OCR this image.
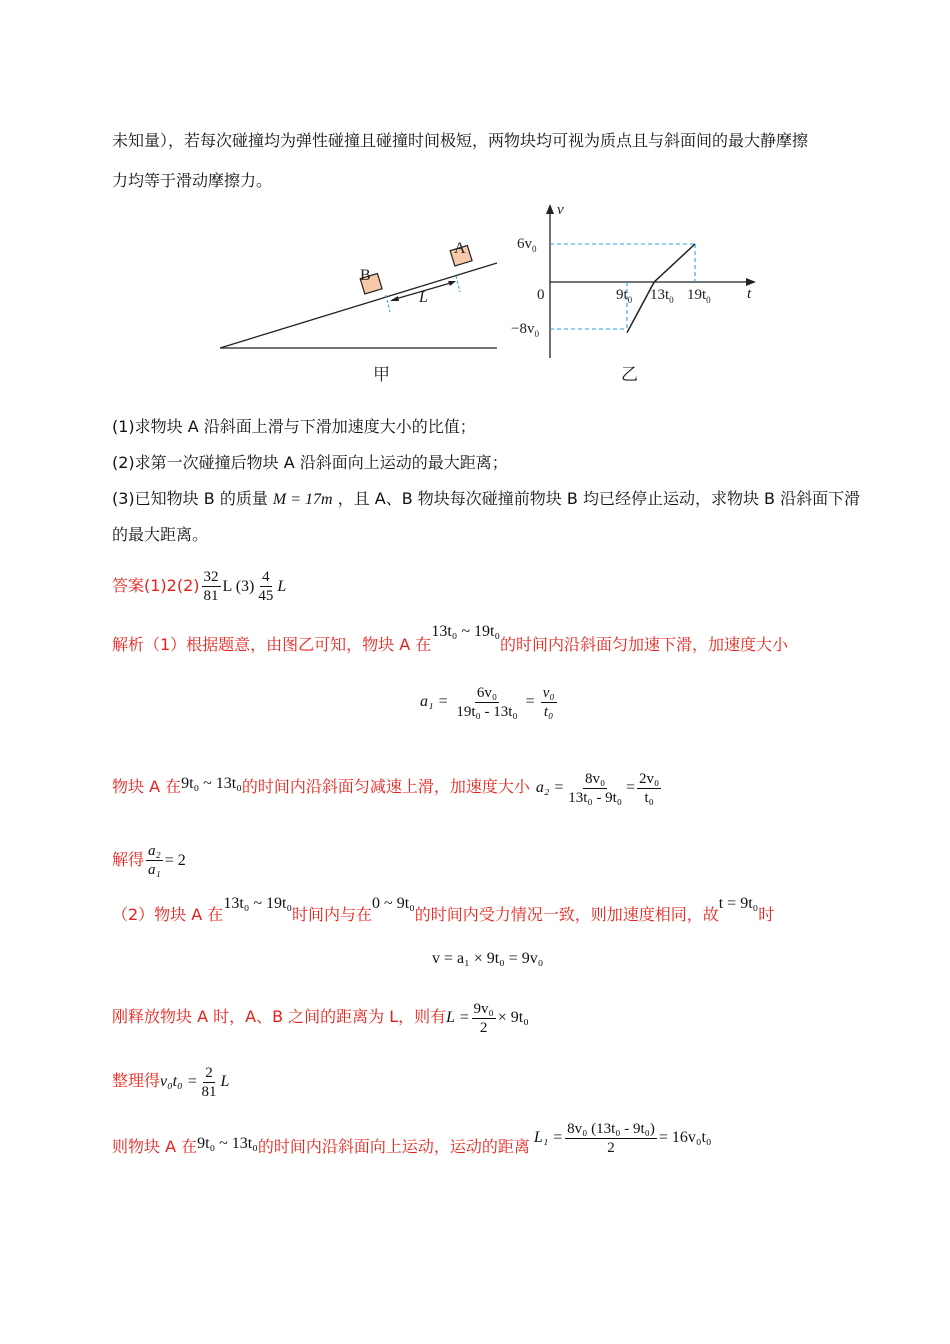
未知量），若每次碰撞均为弹性碰撞且碰撞时间极短，两物块均可视为质点且与斜面间的最大静摩擦
力均等于滑动摩擦力。
B
A
L
甲
v
t
0
$6v_0$
$-8v_0$
$9t_0$ $13t_0$ $19t_0$
乙
(1)求物块 A 沿斜面上滑与下滑加速度大小的比值；
(2)求第一次碰撞后物块 A 沿斜面向上运动的最大距离；
(3)已知物块 B 的质量 M = 17m ，且 A、B 物块每次碰撞前物块 B 均已经停止运动，求物块 B 沿斜面下滑
的最大距离。
答案$(1)2(2) \frac{32}{81}$ L $(3) \frac{4}{45}$ L
解析（1）根据题意，由图乙可知，物块 A 在13t₀ ~ 19t₀的时间内沿斜面匀加速下滑，加速度大小
$a_1 = \frac{\text{6v₀}}{\text{19t₀ - 13t₀}} = \frac{\text{v₀}}{\text{t₀}}$
物块 A 在9t₀ ~ 13t₀的时间内沿斜面匀减速上滑，加速度大小 $a_2 = \frac{\text{8v₀}}{\text{13t₀ - 9t₀}} = \frac{\text{2v₀}}{\text{t₀}}$
解得 $\frac{\text{a₂}}{\text{a₁}} = 2$
（2）物块 A 在13t₀ ~ 19t₀时间内与在0 ~ 9t₀的时间内受力情况一致，则加速度相同，故t = 9t₀时
v = a₁ × 9t₀ = 9v₀
刚释放物块 A 时，A、B 之间的距离为 L，则有$L = \frac{\text{9v₀}}{2} \times 9t_0$
整理得$v_0t_0 = \frac{2}{81}$ L
则物块 A 在9t₀ ~ 13t₀的时间内沿斜面向上运动，运动的距离 $L_1 = \frac{\text{8v₀ (13t₀ - 9t₀)}}{2} = 16v_0t_0$
